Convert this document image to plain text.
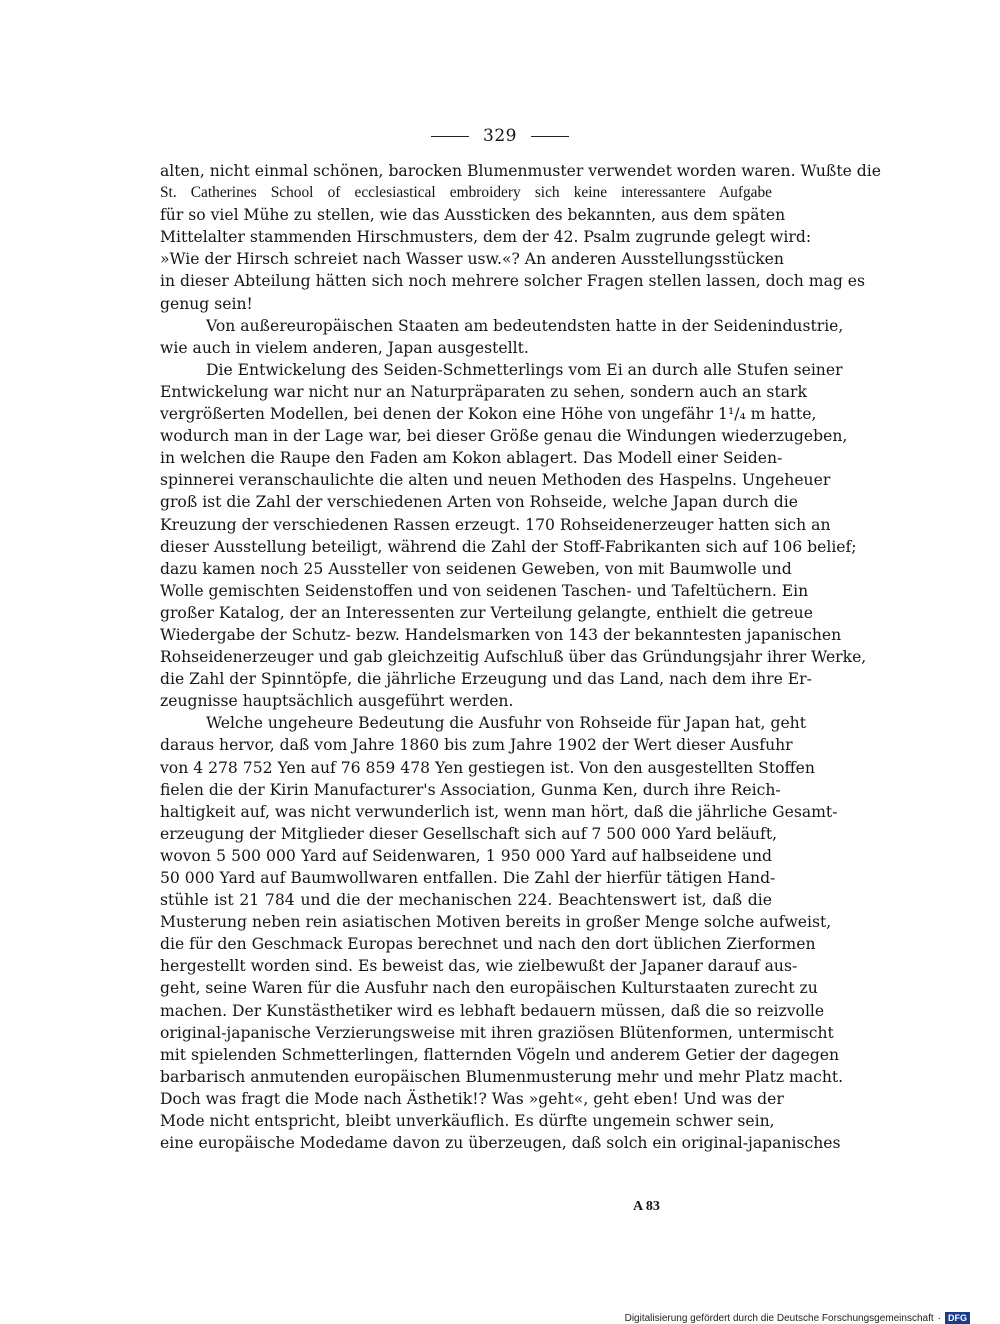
329
alten, nicht einmal schönen, barocken Blumenmuster verwendet worden waren. Wußte die
St. Catherines School of ecclesiastical embroidery sich keine interessantere Aufgabe
für so viel Mühe zu stellen, wie das Aussticken des bekannten, aus dem späten
Mittelalter stammenden Hirschmusters, dem der 42. Psalm zugrunde gelegt wird:
»Wie der Hirsch schreiet nach Wasser usw.«? An anderen Ausstellungsstücken
in dieser Abteilung hätten sich noch mehrere solcher Fragen stellen lassen, doch mag es
genug sein!
Von außereuropäischen Staaten am bedeutendsten hatte in der Seidenindustrie,
wie auch in vielem anderen, Japan ausgestellt.
Die Entwickelung des Seiden-Schmetterlings vom Ei an durch alle Stufen seiner
Entwickelung war nicht nur an Naturpräparaten zu sehen, sondern auch an stark
vergrößerten Modellen, bei denen der Kokon eine Höhe von ungefähr 1¹/₄ m hatte,
wodurch man in der Lage war, bei dieser Größe genau die Windungen wiederzugeben,
in welchen die Raupe den Faden am Kokon ablagert. Das Modell einer Seiden-
spinnerei veranschaulichte die alten und neuen Methoden des Haspelns. Ungeheuer
groß ist die Zahl der verschiedenen Arten von Rohseide, welche Japan durch die
Kreuzung der verschiedenen Rassen erzeugt. 170 Rohseidenerzeuger hatten sich an
dieser Ausstellung beteiligt, während die Zahl der Stoff-Fabrikanten sich auf 106 belief;
dazu kamen noch 25 Aussteller von seidenen Geweben, von mit Baumwolle und
Wolle gemischten Seidenstoffen und von seidenen Taschen- und Tafeltüchern. Ein
großer Katalog, der an Interessenten zur Verteilung gelangte, enthielt die getreue
Wiedergabe der Schutz- bezw. Handelsmarken von 143 der bekanntesten japanischen
Rohseidenerzeuger und gab gleichzeitig Aufschluß über das Gründungsjahr ihrer Werke,
die Zahl der Spinntöpfe, die jährliche Erzeugung und das Land, nach dem ihre Er-
zeugnisse hauptsächlich ausgeführt werden.
Welche ungeheure Bedeutung die Ausfuhr von Rohseide für Japan hat, geht
daraus hervor, daß vom Jahre 1860 bis zum Jahre 1902 der Wert dieser Ausfuhr
von 4 278 752 Yen auf 76 859 478 Yen gestiegen ist. Von den ausgestellten Stoffen
fielen die der Kirin Manufacturer's Association, Gunma Ken, durch ihre Reich-
haltigkeit auf, was nicht verwunderlich ist, wenn man hört, daß die jährliche Gesamt-
erzeugung der Mitglieder dieser Gesellschaft sich auf 7 500 000 Yard beläuft,
wovon 5 500 000 Yard auf Seidenwaren, 1 950 000 Yard auf halbseidene und
50 000 Yard auf Baumwollwaren entfallen. Die Zahl der hierfür tätigen Hand-
stühle ist 21 784 und die der mechanischen 224. Beachtenswert ist, daß die
Musterung neben rein asiatischen Motiven bereits in großer Menge solche aufweist,
die für den Geschmack Europas berechnet und nach den dort üblichen Zierformen
hergestellt worden sind. Es beweist das, wie zielbewußt der Japaner darauf aus-
geht, seine Waren für die Ausfuhr nach den europäischen Kulturstaaten zurecht zu
machen. Der Kunstästhetiker wird es lebhaft bedauern müssen, daß die so reizvolle
original-japanische Verzierungsweise mit ihren graziösen Blütenformen, untermischt
mit spielenden Schmetterlingen, flatternden Vögeln und anderem Getier der dagegen
barbarisch anmutenden europäischen Blumenmusterung mehr und mehr Platz macht.
Doch was fragt die Mode nach Ästhetik!? Was »geht«, geht eben! Und was der
Mode nicht entspricht, bleibt unverkäuflich. Es dürfte ungemein schwer sein,
eine europäische Modedame davon zu überzeugen, daß solch ein original-japanisches
A 83
Digitalisierung gefördert durch die Deutsche Forschungsgemeinschaft · DFG
